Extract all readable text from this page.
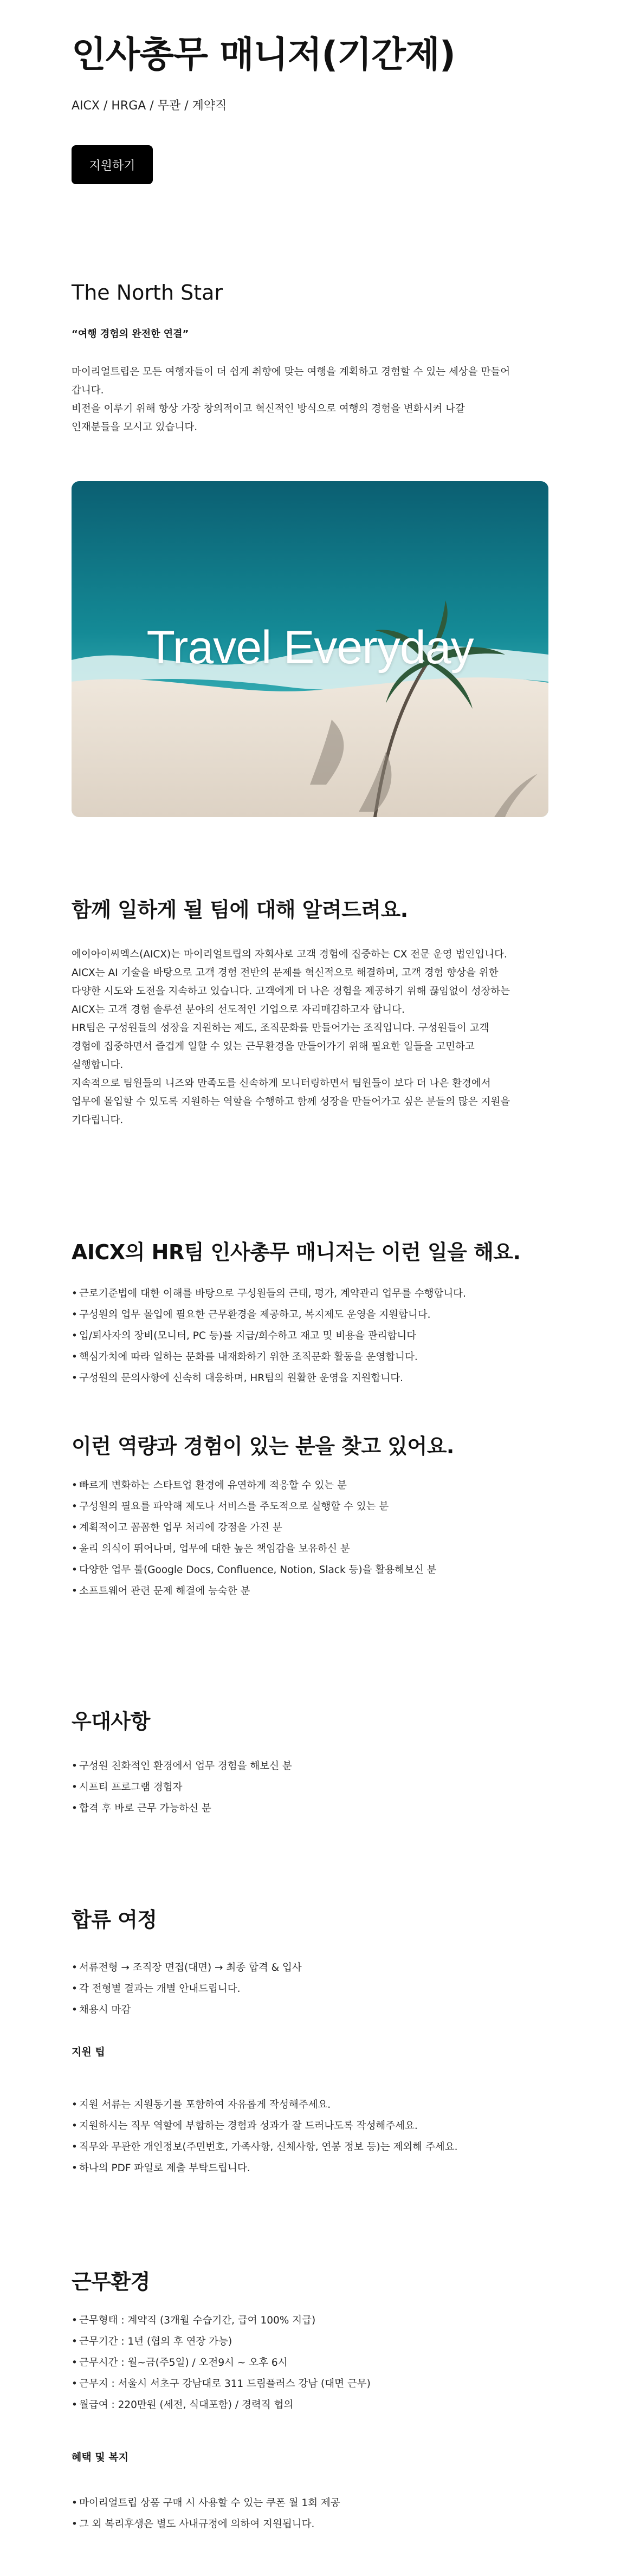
인사총무 매니저(기간제)
AICX / HRGA / 무관 / 계약직
지원하기
The North Star
“여행 경험의 완전한 연결”
마이리얼트립은 모든 여행자들이 더 쉽게 취향에 맞는 여행을 계획하고 경험할 수 있는 세상을 만들어
갑니다.
비전을 이루기 위해 항상 가장 창의적이고 혁신적인 방식으로 여행의 경험을 변화시켜 나갈
인재분들을 모시고 있습니다.
Travel Everyday
함께 일하게 될 팀에 대해 알려드려요.
에이아이씨엑스(AICX)는 마이리얼트립의 자회사로 고객 경험에 집중하는 CX 전문 운영 법인입니다.
AICX는 AI 기술을 바탕으로 고객 경험 전반의 문제를 혁신적으로 해결하며, 고객 경험 향상을 위한
다양한 시도와 도전을 지속하고 있습니다. 고객에게 더 나은 경험을 제공하기 위해 끊임없이 성장하는
AICX는 고객 경험 솔루션 분야의 선도적인 기업으로 자리매김하고자 합니다.
HR팀은 구성원들의 성장을 지원하는 제도, 조직문화를 만들어가는 조직입니다. 구성원들이 고객
경험에 집중하면서 즐겁게 일할 수 있는 근무환경을 만들어가기 위해 필요한 일들을 고민하고
실행합니다.
지속적으로 팀원들의 니즈와 만족도를 신속하게 모니터링하면서 팀원들이 보다 더 나은 환경에서
업무에 몰입할 수 있도록 지원하는 역할을 수행하고 함께 성장을 만들어가고 싶은 분들의 많은 지원을
기다립니다.
AICX의 HR팀 인사총무 매니저는 이런 일을 해요.
• 근로기준법에 대한 이해를 바탕으로 구성원들의 근태, 평가, 계약관리 업무를 수행합니다.
• 구성원의 업무 몰입에 필요한 근무환경을 제공하고, 복지제도 운영을 지원합니다.
• 입/퇴사자의 장비(모니터, PC 등)를 지급/회수하고 재고 및 비용을 관리합니다
• 핵심가치에 따라 일하는 문화를 내재화하기 위한 조직문화 활동을 운영합니다.
• 구성원의 문의사항에 신속히 대응하며, HR팀의 원활한 운영을 지원합니다.
이런 역량과 경험이 있는 분을 찾고 있어요.
• 빠르게 변화하는 스타트업 환경에 유연하게 적응할 수 있는 분
• 구성원의 필요를 파악해 제도나 서비스를 주도적으로 실행할 수 있는 분
• 계획적이고 꼼꼼한 업무 처리에 강점을 가진 분
• 윤리 의식이 뛰어나며, 업무에 대한 높은 책임감을 보유하신 분
• 다양한 업무 툴(Google Docs, Confluence, Notion, Slack 등)을 활용해보신 분
• 소프트웨어 관련 문제 해결에 능숙한 분
우대사항
• 구성원 친화적인 환경에서 업무 경험을 해보신 분
• 시프티 프로그램 경험자
• 합격 후 바로 근무 가능하신 분
합류 여정
• 서류전형 → 조직장 면접(대면) → 최종 합격 & 입사
• 각 전형별 결과는 개별 안내드립니다.
• 채용시 마감
지원 팁
• 지원 서류는 지원동기를 포함하여 자유롭게 작성해주세요.
• 지원하시는 직무 역할에 부합하는 경험과 성과가 잘 드러나도록 작성해주세요.
• 직무와 무관한 개인정보(주민번호, 가족사항, 신체사항, 연봉 정보 등)는 제외해 주세요.
• 하나의 PDF 파일로 제출 부탁드립니다.
근무환경
• 근무형태 : 계약직 (3개월 수습기간, 급여 100% 지급)
• 근무기간 : 1년 (협의 후 연장 가능)
• 근무시간 : 월~금(주5일) / 오전9시 ~ 오후 6시
• 근무지 : 서울시 서초구 강남대로 311 드림플러스 강남 (대면 근무)
• 월급여 : 220만원 (세전, 식대포함) / 경력직 협의
혜택 및 복지
• 마이리얼트립 상품 구매 시 사용할 수 있는 쿠폰 월 1회 제공
• 그 외 복리후생은 별도 사내규정에 의하여 지원됩니다.
